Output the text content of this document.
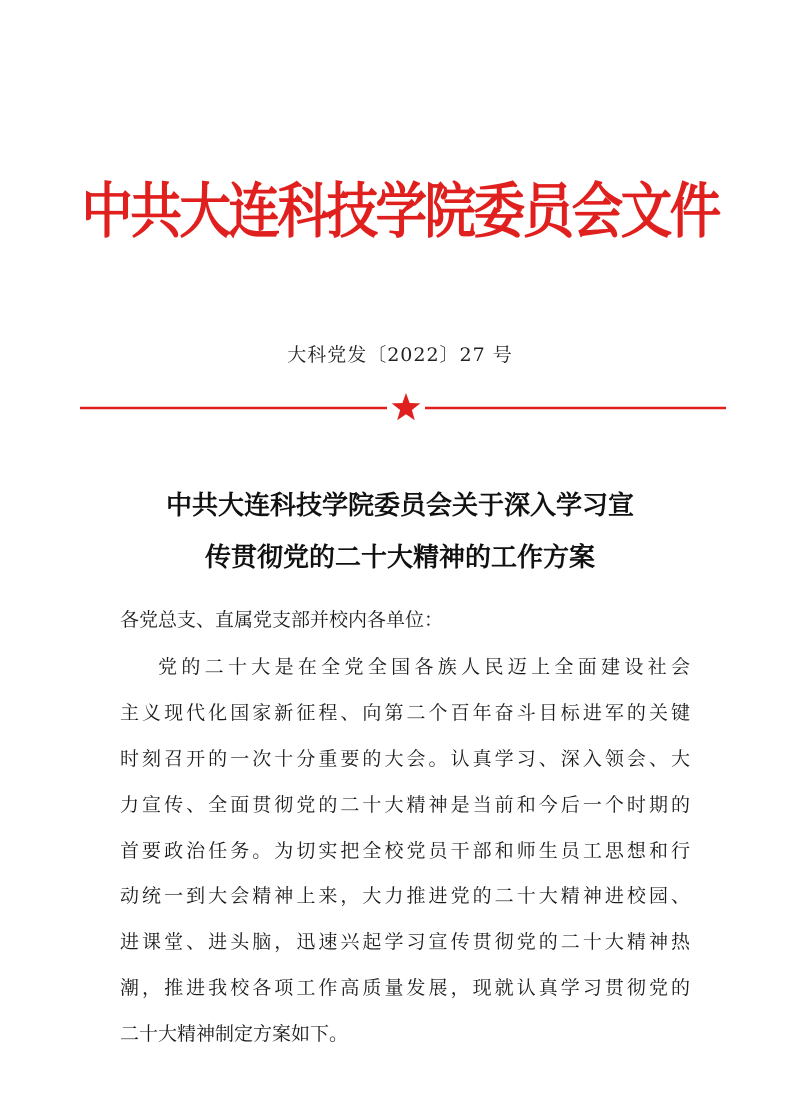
中共大连科技学院委员会文件
大科党发〔2022〕27 号
中共大连科技学院委员会关于深入学习宣
传贯彻党的二十大精神的工作方案
各党总支、直属党支部并校内各单位：
党的二十大是在全党全国各族人民迈上全面建设社会
主义现代化国家新征程、向第二个百年奋斗目标进军的关键
时刻召开的一次十分重要的大会。认真学习、深入领会、大
力宣传、全面贯彻党的二十大精神是当前和今后一个时期的
首要政治任务。为切实把全校党员干部和师生员工思想和行
动统一到大会精神上来，大力推进党的二十大精神进校园、
进课堂、进头脑，迅速兴起学习宣传贯彻党的二十大精神热
潮，推进我校各项工作高质量发展，现就认真学习贯彻党的
二十大精神制定方案如下。
